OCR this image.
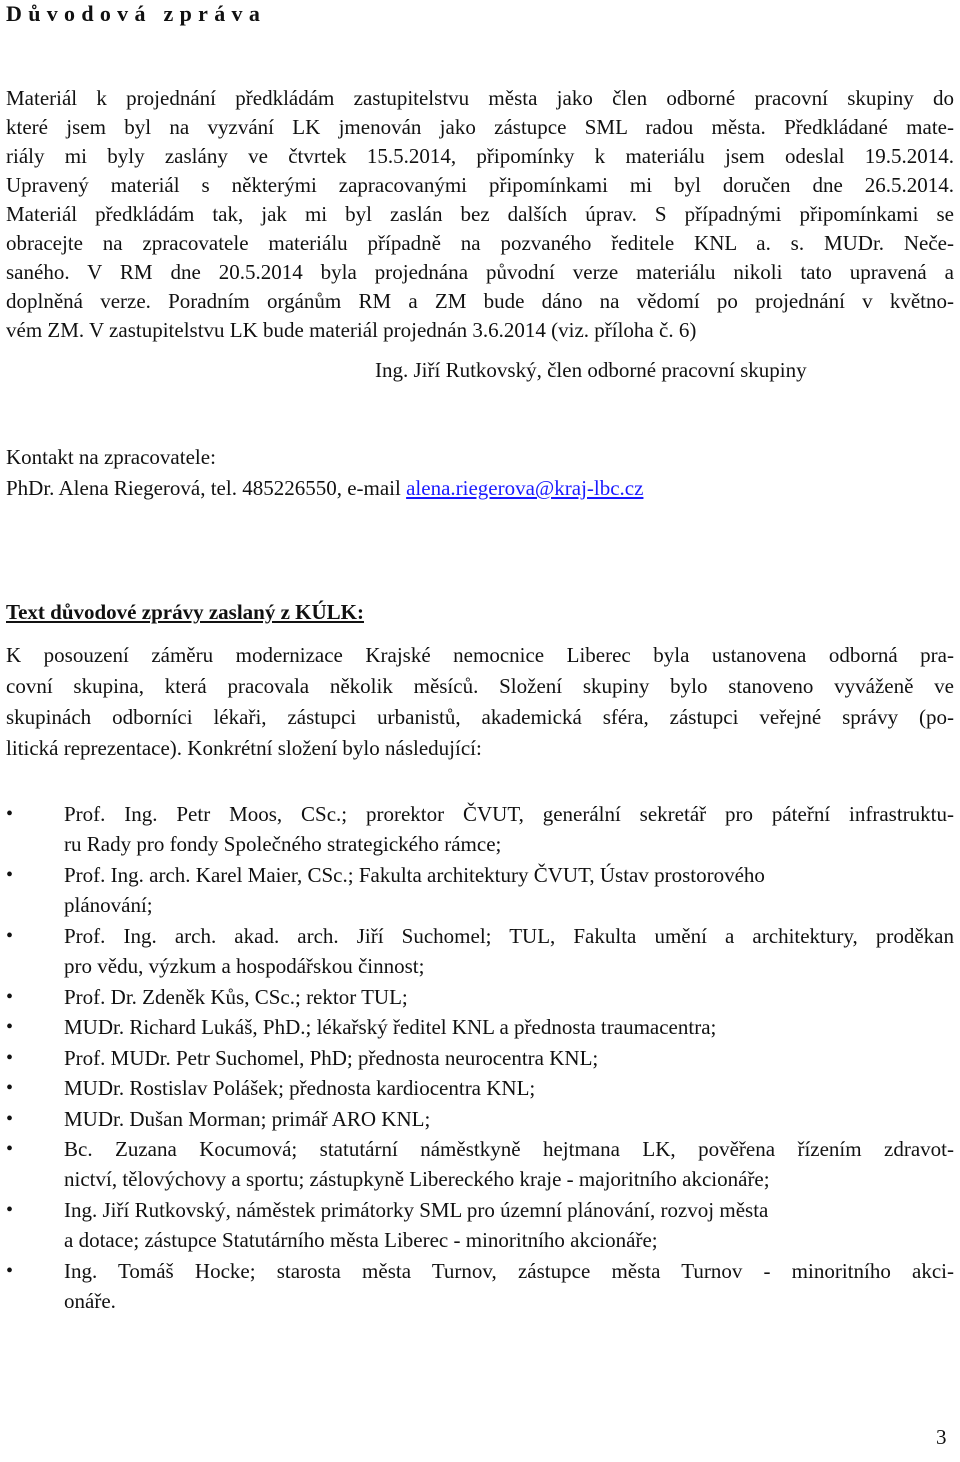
Důvodová zpráva
Materiál k projednání předkládám zastupitelstvu města jako člen odborné pracovní skupiny do
které jsem byl na vyzvání LK jmenován jako zástupce SML radou města. Předkládané mate-
riály mi byly zaslány ve čtvrtek 15.5.2014, připomínky k materiálu jsem odeslal 19.5.2014.
Upravený materiál s některými zapracovanými připomínkami mi byl doručen dne 26.5.2014.
Materiál předkládám tak, jak mi byl zaslán bez dalších úprav. S případnými připomínkami se
obracejte na zpracovatele materiálu případně na pozvaného ředitele KNL a. s. MUDr. Neče-
saného. V RM dne 20.5.2014 byla projednána původní verze materiálu nikoli tato upravená a
doplněná verze. Poradním orgánům RM a ZM bude dáno na vědomí po projednání v květno-
vém ZM. V zastupitelstvu LK bude materiál projednán 3.6.2014 (viz. příloha č. 6)
Ing. Jiří Rutkovský, člen odborné pracovní skupiny
Kontakt na zpracovatele:
PhDr. Alena Riegerová, tel. 485226550, e-mail alena.riegerova@kraj-lbc.cz
Text důvodové zprávy zaslaný z KÚLK:
K posouzení záměru modernizace Krajské nemocnice Liberec byla ustanovena odborná pra-
covní skupina, která pracovala několik měsíců. Složení skupiny bylo stanoveno vyváženě ve
skupinách odborníci lékaři, zástupci urbanistů, akademická sféra, zástupci veřejné správy (po-
litická reprezentace). Konkrétní složení bylo následující:
• Prof. Ing. Petr Moos, CSc.; prorektor ČVUT, generální sekretář pro páteřní infrastruktu-
ru Rady pro fondy Společného strategického rámce;
• Prof. Ing. arch. Karel Maier, CSc.; Fakulta architektury ČVUT, Ústav prostorového
plánování;
• Prof. Ing. arch. akad. arch. Jiří Suchomel; TUL, Fakulta umění a architektury, proděkan
pro vědu, výzkum a hospodářskou činnost;
• Prof. Dr. Zdeněk Kůs, CSc.; rektor TUL;
• MUDr. Richard Lukáš, PhD.; lékařský ředitel KNL a přednosta traumacentra;
• Prof. MUDr. Petr Suchomel, PhD; přednosta neurocentra KNL;
• MUDr. Rostislav Polášek; přednosta kardiocentra KNL;
• MUDr. Dušan Morman; primář ARO KNL;
• Bc. Zuzana Kocumová; statutární náměstkyně hejtmana LK, pověřena řízením zdravot-
nictví, tělovýchovy a sportu; zástupkyně Libereckého kraje - majoritního akcionáře;
• Ing. Jiří Rutkovský, náměstek primátorky SML pro územní plánování, rozvoj města
a dotace; zástupce Statutárního města Liberec - minoritního akcionáře;
• Ing. Tomáš Hocke; starosta města Turnov, zástupce města Turnov - minoritního akci-
onáře.
3
